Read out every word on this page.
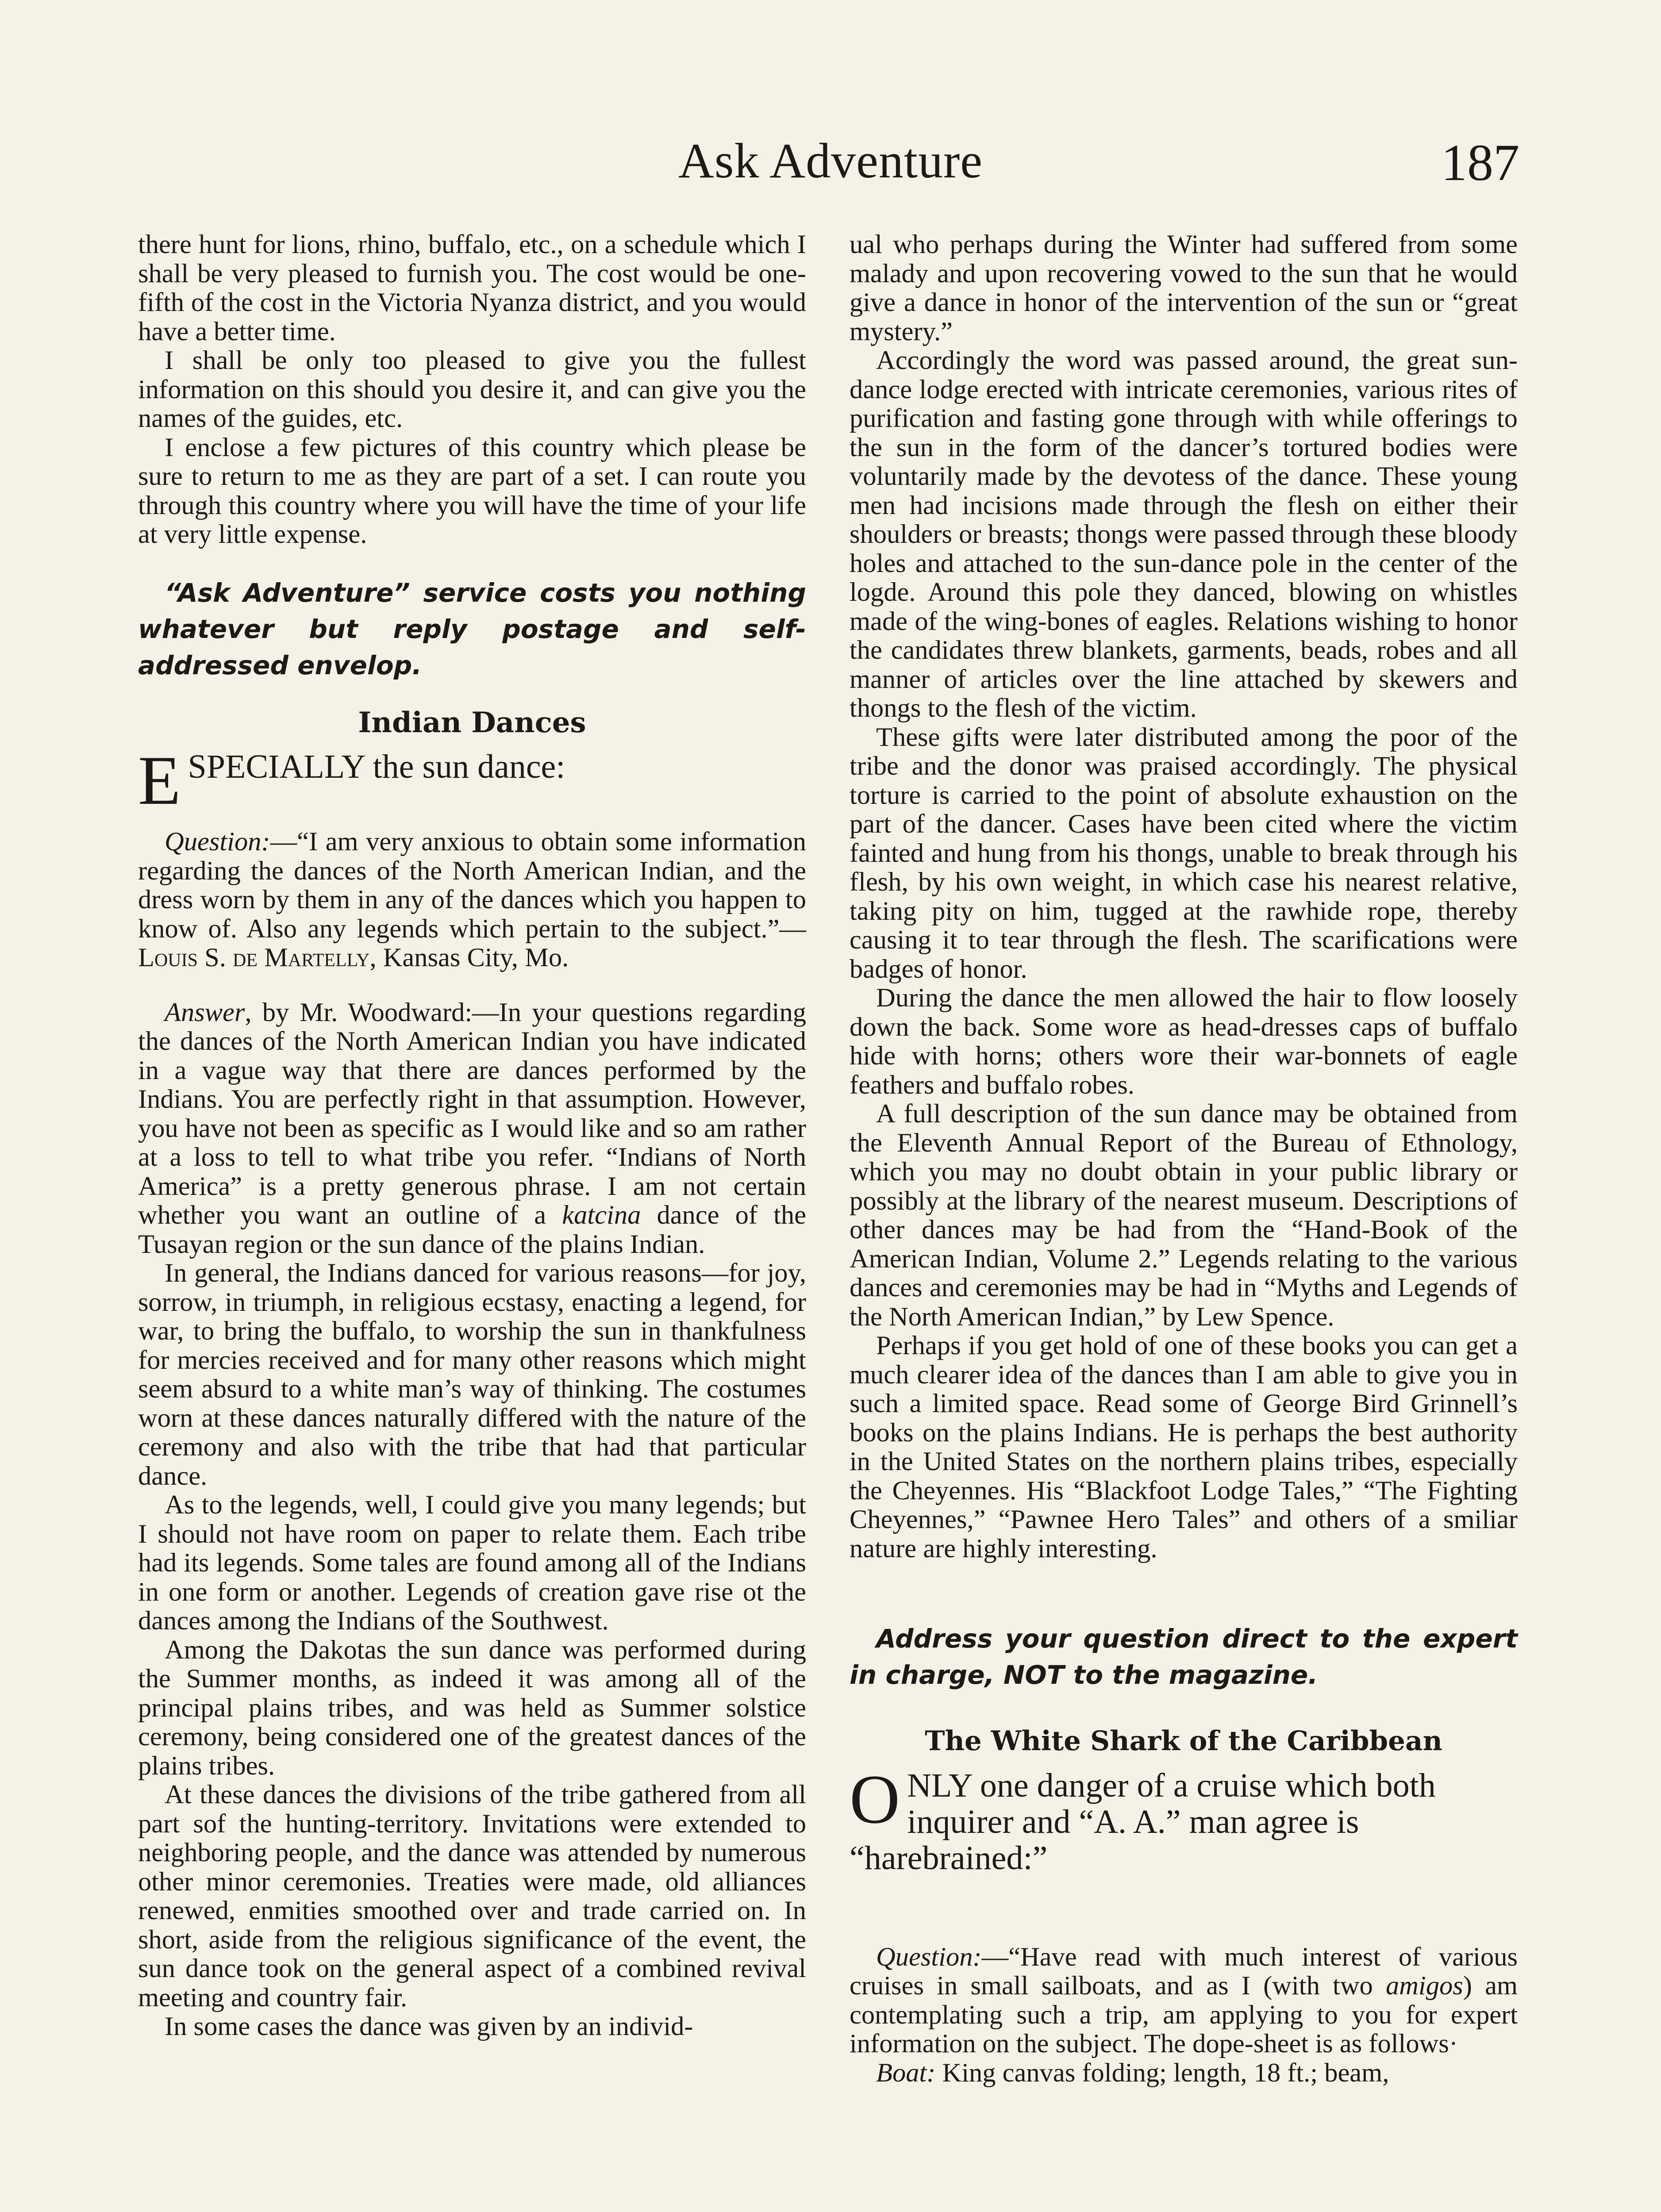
Ask Adventure	187

there hunt for lions, rhino, buffalo, etc., on a schedule which I shall be very pleased to furnish you. The cost would be one-fifth of the cost in the Victoria Nyanza district, and you would have a better time.

I shall be only too pleased to give you the fullest information on this should you desire it, and can give you the names of the guides, etc.

I enclose a few pictures of this country which please be sure to return to me as they are part of a set. I can route you through this country where you will have the time of your life at very little expense.

“Ask Adventure” service costs you nothing whatever but reply postage and self-addressed envelop.
Indian Dances
ESPECIALLY the sun dance:

Question:—“I am very anxious to obtain some information regarding the dances of the North American Indian, and the dress worn by them in any of the dances which you happen to know of. Also any legends which pertain to the subject.”—Louis S. de Martelly, Kansas City, Mo.

Answer, by Mr. Woodward:—In your questions regarding the dances of the North American Indian you have indicated in a vague way that there are dances performed by the Indians. You are perfectly right in that assumption. However, you have not been as specific as I would like and so am rather at a loss to tell to what tribe you refer. “Indians of North America” is a pretty generous phrase. I am not certain whether you want an outline of a katcina dance of the Tusayan region or the sun dance of the plains Indian.

In general, the Indians danced for various reasons—for joy, sorrow, in triumph, in religious ecstasy, enacting a legend, for war, to bring the buffalo, to worship the sun in thankfulness for mercies received and for many other reasons which might seem absurd to a white man’s way of thinking. The costumes worn at these dances naturally differed with the nature of the ceremony and also with the tribe that had that particular dance.

As to the legends, well, I could give you many legends; but I should not have room on paper to relate them. Each tribe had its legends. Some tales are found among all of the Indians in one form or another. Legends of creation gave rise ot the dances among the Indians of the Southwest.

Among the Dakotas the sun dance was performed during the Summer months, as indeed it was among all of the principal plains tribes, and was held as Summer solstice ceremony, being considered one of the greatest dances of the plains tribes.

At these dances the divisions of the tribe gathered from all part sof the hunting-territory. Invitations were extended to neighboring people, and the dance was attended by numerous other minor ceremonies. Treaties were made, old alliances renewed, enmities smoothed over and trade carried on. In short, aside from the religious significance of the event, the sun dance took on the general aspect of a combined revival meeting and country fair.

In some cases the dance was given by an individ-

ual who perhaps during the Winter had suffered from some malady and upon recovering vowed to the sun that he would give a dance in honor of the intervention of the sun or “great mystery.”

Accordingly the word was passed around, the great sun-dance lodge erected with intricate ceremonies, various rites of purification and fasting gone through with while offerings to the sun in the form of the dancer’s tortured bodies were voluntarily made by the devotess of the dance. These young men had incisions made through the flesh on either their shoulders or breasts; thongs were passed through these bloody holes and attached to the sun-dance pole in the center of the logde. Around this pole they danced, blowing on whistles made of the wing-bones of eagles. Relations wishing to honor the candidates threw blankets, garments, beads, robes and all manner of articles over the line attached by skewers and thongs to the flesh of the victim.

These gifts were later distributed among the poor of the tribe and the donor was praised accordingly. The physical torture is carried to the point of absolute exhaustion on the part of the dancer. Cases have been cited where the victim fainted and hung from his thongs, unable to break through his flesh, by his own weight, in which case his nearest relative, taking pity on him, tugged at the rawhide rope, thereby causing it to tear through the flesh. The scarifications were badges of honor.

During the dance the men allowed the hair to flow loosely down the back. Some wore as head-dresses caps of buffalo hide with horns; others wore their war-bonnets of eagle feathers and buffalo robes.

A full description of the sun dance may be obtained from the Eleventh Annual Report of the Bureau of Ethnology, which you may no doubt obtain in your public library or possibly at the library of the nearest museum. Descriptions of other dances may be had from the “Hand-Book of the American Indian, Volume 2.” Legends relating to the various dances and ceremonies may be had in “Myths and Legends of the North American Indian,” by Lew Spence.

Perhaps if you get hold of one of these books you can get a much clearer idea of the dances than I am able to give you in such a limited space. Read some of George Bird Grinnell’s books on the plains Indians. He is perhaps the best authority in the United States on the northern plains tribes, especially the Cheyennes. His “Blackfoot Lodge Tales,” “The Fighting Cheyennes,” “Pawnee Hero Tales” and others of a smiliar nature are highly interesting.

Address your question direct to the expert in charge, NOT to the magazine.
The White Shark of the Caribbean
ONLY one danger of a cruise which both inquirer and “A. A.” man agree is “harebrained:”

Question:—“Have read with much interest of various cruises in small sailboats, and as I (with two amigos) am contemplating such a trip, am applying to you for expert information on the subject. The dope-sheet is as follows·

Boat: King canvas folding; length, 18 ft.; beam,
